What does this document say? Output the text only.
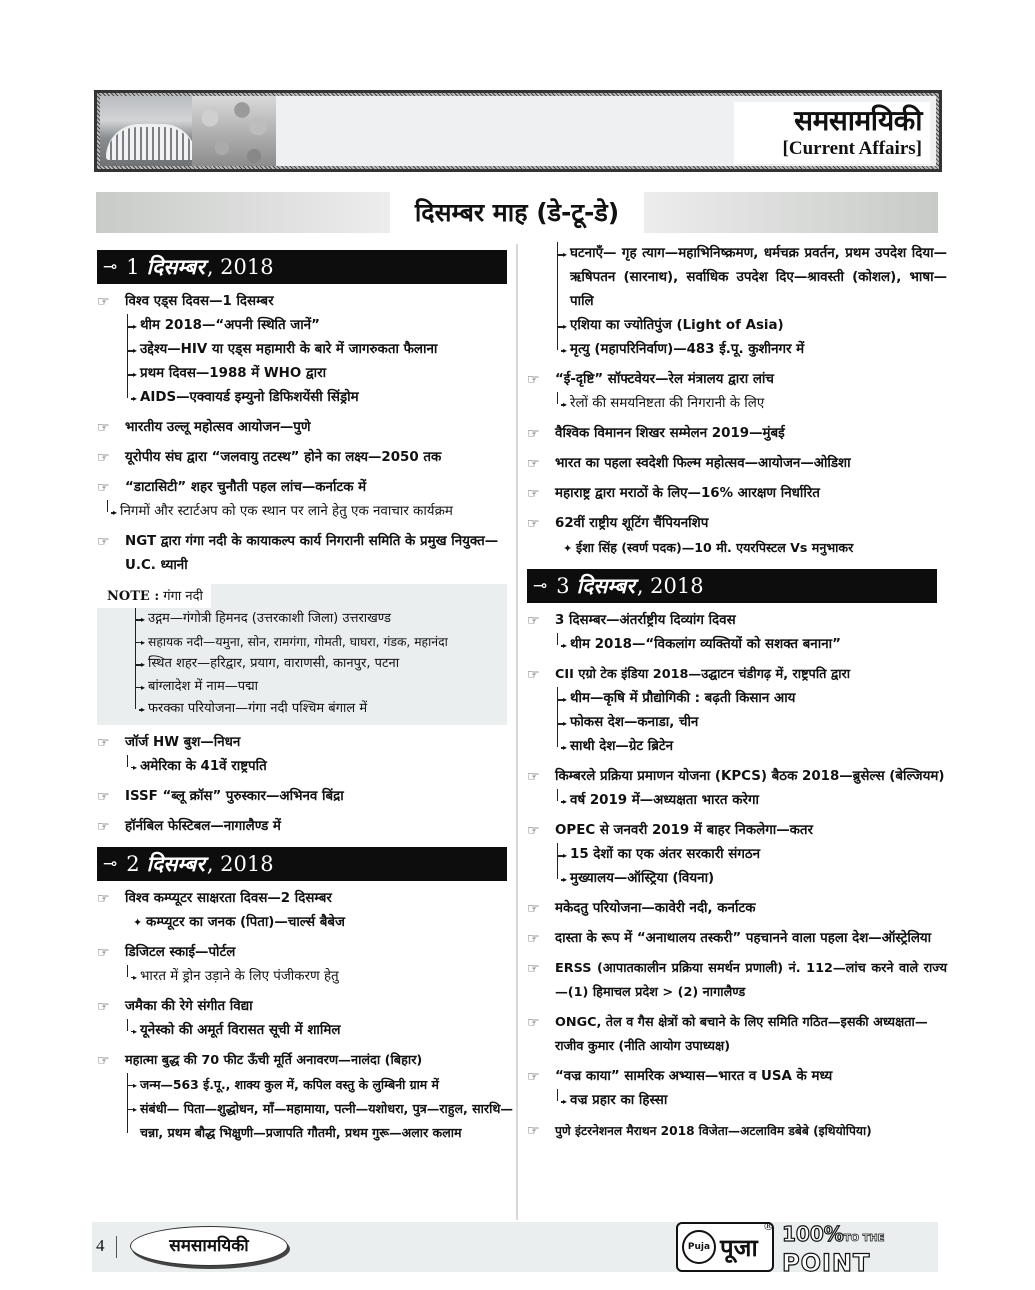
समसामयिकी
[Current Affairs]
दिसम्बर माह (डे-टू-डे)
⊸ 1 दिसम्बर , 2018
☞ विश्व एड्स दिवस—1 दिसम्बर
थीम 2018—“अपनी स्थिति जानें” ▸
उद्देश्य—HIV या एड्स महामारी के बारे में जागरुकता फैलाना ▸
प्रथम दिवस—1988 में WHO द्वारा ▸
AIDS—एक्वायर्ड इम्युनो डिफिशयेंसी सिंड्रोम ▸
☞ भारतीय उल्लू महोत्सव आयोजन—पुणे
☞ यूरोपीय संघ द्वारा “जलवायु तटस्थ” होने का लक्ष्य—2050 तक
☞ “डाटासिटी” शहर चुनौती पहल लांच—कर्नाटक में
निगमों और स्टार्टअप को एक स्थान पर लाने हेतु एक नवाचार कार्यक्रम ▸
☞ NGT द्वारा गंगा नदी के कायाकल्प कार्य निगरानी समिति के प्रमुख नियुक्त—U.C. ध्यानी
NOTE : गंगा नदी
उद्गम—गंगोत्री हिमनद (उत्तरकाशी जिला) उत्तराखण्ड ▸
सहायक नदी—यमुना, सोन, रामगंगा, गोमती, घाघरा, गंडक, महानंदा ▸
स्थित शहर—हरिद्वार, प्रयाग, वाराणसी, कानपुर, पटना ▸
बांग्लादेश में नाम—पद्मा ▸
फरक्का परियोजना—गंगा नदी पश्चिम बंगाल में ▸
☞ जॉर्ज HW बुश—निधन
अमेरिका के 41वें राष्ट्रपति ▸
☞ ISSF “ब्लू क्रॉस” पुरुस्कार—अभिनव बिंद्रा
☞ हॉर्नबिल फेस्टिबल—नागालैण्ड में
⊸ 2 दिसम्बर , 2018
☞ विश्व कम्प्यूटर साक्षरता दिवस—2 दिसम्बर
✦ कम्प्यूटर का जनक (पिता)—चार्ल्स बैबेज
☞ डिजिटल स्काई—पोर्टल
भारत में ड्रोन उड़ाने के लिए पंजीकरण हेतु ▸
☞ जमैका की रेगे संगीत विद्या
यूनेस्को की अमूर्त विरासत सूची में शामिल ▸
☞ महात्मा बुद्ध की 70 फीट ऊँची मूर्ति अनावरण—नालंदा (बिहार)
जन्म—563 ई.पू., शाक्य कुल में, कपिल वस्तु के लुम्बिनी ग्राम में ▸
संबंधी— पिता—शुद्धोधन, माँ—महामाया, पत्नी—यशोधरा, पुत्र—राहुल, सारथि—चन्ना, प्रथम बौद्ध भिक्षुणी—प्रजापति गौतमी, प्रथम गुरू—अलार कलाम ▸
घटनाएँ— गृह त्याग—महाभिनिष्क्रमण, धर्मचक्र प्रवर्तन, प्रथम उपदेश दिया—ऋषिपतन (सारनाथ), सर्वाधिक उपदेश दिए—श्रावस्ती (कोशल), भाषा—पालि ▸
एशिया का ज्योतिपुंज (Light of Asia) ▸
मृत्यु (महापरिनिर्वाण)—483 ई.पू. कुशीनगर में ▸
☞ “ई-दृष्टि” सॉफ्टवेयर—रेल मंत्रालय द्वारा लांच
रेलों की समयनिष्टता की निगरानी के लिए ▸
☞ वैश्विक विमानन शिखर सम्मेलन 2019—मुंबई
☞ भारत का पहला स्वदेशी फिल्म महोत्सव—आयोजन—ओडिशा
☞ महाराष्ट्र द्वारा मराठों के लिए—16% आरक्षण निर्धारित
☞ 62वीं राष्ट्रीय शूटिंग चैंपियनशिप
✦ ईशा सिंह (स्वर्ण पदक)—10 मी. एयरपिस्टल Vs मनुभाकर
⊸ 3 दिसम्बर , 2018
☞ 3 दिसम्बर—अंतर्राष्ट्रीय दिव्यांग दिवस
थीम 2018—“विकलांग व्यक्तियों को सशक्त बनाना” ▸
☞ CII एग्रो टेक इंडिया 2018—उद्घाटन चंडीगढ़ में, राष्ट्रपति द्वारा
थीम—कृषि में प्रौद्योगिकी : बढ़ती किसान आय ▸
फोकस देश—कनाडा, चीन ▸
साथी देश—ग्रेट ब्रिटेन ▸
☞ किम्बरले प्रक्रिया प्रमाणन योजना (KPCS) बैठक 2018—ब्रुसेल्स (बेल्जियम)
वर्ष 2019 में—अध्यक्षता भारत करेगा ▸
☞ OPEC से जनवरी 2019 में बाहर निकलेगा—कतर
15 देशों का एक अंतर सरकारी संगठन ▸
मुख्यालय—ऑस्ट्रिया (वियना) ▸
☞ मकेदतु परियोजना—कावेरी नदी, कर्नाटक
☞ दास्ता के रूप में “अनाथालय तस्करी” पहचानने वाला पहला देश—ऑस्ट्रेलिया
☞ ERSS (आपातकालीन प्रक्रिया समर्थन प्रणाली) नं. 112—लांच करने वाले राज्य—(1) हिमाचल प्रदेश > (2) नागालैण्ड
☞ ONGC, तेल व गैस क्षेत्रों को बचाने के लिए समिति गठित—इसकी अध्यक्षता—राजीव कुमार (नीति आयोग उपाध्यक्ष)
☞ “वज्र काया” सामरिक अभ्यास—भारत व USA के मध्य
वज्र प्रहार का हिस्सा ▸
☞ पुणे इंटरनेशनल मैराथन 2018 विजेता—अटलाविम डबेबे (इथियोपिया)
4	समसामयिकी	Puja पूजा
® 100%TO THE
POINT
